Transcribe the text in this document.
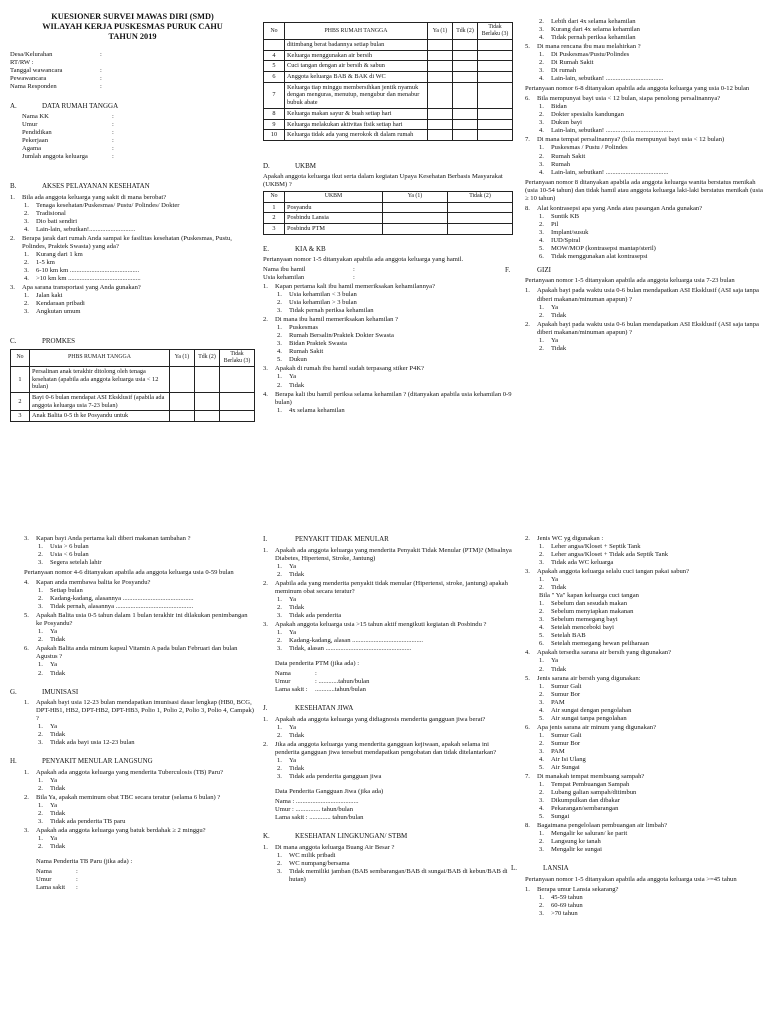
KUESIONER SURVEI MAWAS DIRI (SMD)
WILAYAH KERJA PUSKESMAS PURUK CAHU
TAHUN 2019
Desa/Kelurahan	:
RT/RW :
Tanggal wawancara	:
Pewawancara	:
Nama Responden	:
A.	DATA RUMAH TANGGA
Nama KK	:
Umur	:
Pendidikan	:
Pekerjaan	:
Agama	:
Jumlah anggota keluarga	:
B.	AKSES PELAYANAN KESEHATAN
1.	Bila ada anggota keluarga yang sakit di mana berobat?
1.	Tenaga kesehatan/Puskesmas/ Pustu/ Polindes/ Dokter
2.	Tradisional
3.	Dio bati sendiri
4.	Lain-lain, sebutkan!............................
2.	Berapa jarak dari rumah Anda sampai ke fasilitas kesehatan (Puskesmas, Pustu, Polindes, Praktek Swasta) yang ada?
1.	Kurang dari 1 km
2.	1-5 km
3.	6-10 km km ..........................................
4.	>10 km km ............................................
3.	Apa sarana transportasi yang Anda gunakan?
1.	Jalan kaki
2.	Kendaraan pribadi
3.	Angkutan umum
C.	PROMKES
No	PHBS RUMAH TANGGA	Ya (1)	Tdk (2)	Tidak Berlaku (3)
1	Persalinan anak terakhir ditolong oleh tenaga kesehatan (apabila ada anggota keluarga usia < 12 bulan)			
2	Bayi 0-6 bulan mendapat ASI Eksklusif (apabila ada anggota keluarga usia 7-23 bulan)			
3	Anak Balita 0-5 th ke Posyandu untuk			
No	PHBS RUMAH TANGGA	Ya (1)	Tdk (2)	Tidak Berlaku (3)
	ditimbang berat badannya setiap bulan			
4	Keluarga menggunakan air bersih			
5	Cuci tangan dengan air bersih & sabun			
6	Anggota keluarga BAB & BAK di WC			
7	Keluarga tiap minggu membersihkan jentik nyamuk dengan menguras, menutup, mengubur dan menabur bubuk abate			
8	Keluarga makan sayur & buah setiap hari			
9	Keluarga melakukan aktivitas fisik setiap hari			
10	Keluarga tidak ada yang merokok di dalam rumah			
D.	UKBM
Apakah anggota keluarga ikut serta dalam kegiatan Upaya Kesehatan Berbasis Masyarakat (UKBM) ?
No	UKBM	Ya (1)	Tidak (2)
1	Posyandu		
2	Posbindu Lansia		
3	Posbindu PTM		
E.	KIA & KB
Pertanyaan nomor 1-5 ditanyakan apabila ada anggota keluarga yang hamil.
Nama ibu hamil	:
Usia kehamilan	:
1.	Kapan pertama kali ibu hamil memeriksakan kehamilannya?
1.	Usia kehamilan < 3 bulan
2.	Usia kehamilan > 3 bulan
3.	Tidak pernah periksa kehamilan
2.	Di mana ibu hamil memeriksakan kehamilan ?
1.	Puskesmas
2.	Rumah Bersalin/Praktek Dokter Swasta
3.	Bidan Praktek Swasta
4.	Rumah Sakit
5.	Dukun
3.	Apakah di rumah ibu hamil sudah terpasang stiker P4K?
1.	Ya
2.	Tidak
4.	Berapa kali ibu hamil periksa selama kehamilan ? (ditanyakan apabila usia kehamilan 0-9 bulan)
1.	4x selama kehamilan
2.	Lebih dari 4x selama kehamilan
3.	Kurang dari 4x selama kehamilan
4.	Tidak pernah periksa kehamilan
5.	Di mana rencana ibu mau melahirkan ?
1.	Di Puskesmas/Pustu/Polindes
2.	Di Rumah Sakit
3.	Di rumah
4.	Lain-lain, sebutkan! ...................................
Pertanyaan nomor 6-8 ditanyakan apabila ada anggota keluarga yang usia 0-12 bulan
6.	Bila mempunyai bayi usia < 12 bulan, siapa penolong persalinannya?
1.	Bidan
2.	Dokter spesialis kandungan
3.	Dukun bayi
4.	Lain-lain, sebutkan! .........................................
7.	Di mana tempat persalinannya? (bila mempunyai bayi usia < 12 bulan)
1.	Puskesmas / Pustu / Polindes
2.	Rumah Sakit
3.	Rumah
4.	Lain-lain, sebutkan! ......................................
Pertanyaan nomor 8 ditanyakan apabila ada anggota keluarga wanita berstatus menikah (usia 10-54 tahun) dan tidak hamil atau anggota keluarga laki-laki berstatus menikah (usia ≥ 10 tahun)
8.	Alat kontrasepsi apa yang Anda atau pasangan Anda gunakan?
1.	Suntik KB
2.	Pil
3.	Implant/susuk
4.	IUD/Spiral
5.	MOW/MOP (kontrasepsi mantap/steril)
6.	Tidak menggunakan alat kontrasepsi
F.	GIZI
Pertanyaan nomor 1-5 ditanyakan apabila ada anggota keluarga usia 7-23 bulan
1.	Apakah bayi pada waktu usia 0-6 bulan mendapatkan ASI Eksklusif (ASI saja tanpa diberi makanan/minuman apapun) ?
1.	Ya
2.	Tidak
2.	Apakah bayi pada waktu usia 0-6 bulan mendapatkan ASI Eksklusif (ASI saja tanpa diberi makanan/minuman apapun) ?
1.	Ya
2.	Tidak
3.	Kapan bayi Anda pertama kali diberi makanan tambahan ?
1.	Usia > 6 bulan
2.	Usia < 6 bulan
3.	Segera setelah lahir
Pertanyaan nomor 4-6 ditanyakan apabila ada anggota keluarga usia 0-59 bulan
4.	Kapan anda membawa balita ke Posyandu?
1.	Setiap bulan
2.	Kadang-kadang, alasannya ...........................................
3.	Tidak pernah, alasannya ...............................................
5.	Apakah Balita usia 0-5 tahun dalam 1 bulan terakhir ini dilakukan penimbangan ke Posyandu?
1.	Ya
2.	Tidak
6.	Apakah Balita anda minum kapsul Vitamin A pada bulan Februari dan bulan Agustus ?
1.	Ya
2.	Tidak
G.	IMUNISASI
1.	Apakah bayi usia 12-23 bulan mendapatkan imunisasi dasar lengkap (HB0, BCG, DPT-HB1, HB2, DPT-HB2, DPT-HB3, Polio 1, Polio 2, Polio 3, Polio 4, Campak) ?
1.	Ya
2.	Tidak
3.	Tidak ada bayi usia 12-23 bulan
H.	PENYAKIT MENULAR LANGSUNG
1.	Apakah ada anggota keluarga yang menderita Tuberculosis (TB) Paru?
1.	Ya
2.	Tidak
2.	Bila Ya, apakah meminum obat TBC secara teratur (selama 6 bulan) ?
1.	Ya
2.	Tidak
3.	Tidak ada penderita TB paru
3.	Apakah ada anggota keluarga yang batuk berdahak ≥ 2 minggu?
1.	Ya
2.	Tidak
Nama Penderita TB Paru (jika ada) :
Nama	:
Umur	:
Lama sakit	:
I.	PENYAKIT TIDAK MENULAR
1.	Apakah ada anggota keluarga yang menderita Penyakit Tidak Menular (PTM)? (Misalnya Diabetes, Hipertensi, Stroke, Jantung)
1.	Ya
2.	Tidak
2.	Apabila ada yang menderita penyakit tidak menular (Hipertensi, stroke, jantung) apakah meminum obat secara teratur?
1.	Ya
2.	Tidak
3.	Tidak ada penderita
3.	Apakah anggota keluarga usia >15 tahun aktif mengikuti kegiatan di Posbindu ?
1.	Ya
2.	Kadang-kadang, alasan ...........................................
3.	Tidak, alasan ....................................................
Data penderita PTM (jika ada) :
Nama	:
Umur	: ............tahun/bulan
Lama sakit :	............tahun/bulan
J.	KESEHATAN JIWA
1.	Apakah ada anggota keluarga yang didiagnosis menderita gangguan jiwa berat?
1.	Ya
2.	Tidak
2.	Jika ada anggota keluarga yang menderita gangguan kejiwaan, apakah selama ini penderita gangguan jiwa tersebut mendapatkan pengobatan dan tidak ditelantarkan?
1.	Ya
2.	Tidak
3.	Tidak ada penderita gangguan jiwa
Data Penderita Gangguan Jiwa (jika ada)
Nama : ......................................
Umur : ............... tahun/bulan
Lama sakit : ............. tahun/bulan
K.	KESEHATAN LINGKUNGAN/ STBM
1.	Di mana anggota keluarga Buang Air Besar ?
1.	WC milik pribadi
2.	WC numpang/bersama
3.	Tidak memiliki jamban (BAB sembarangan/BAB di sungai/BAB di kebun/BAB di hutan)
2.	Jenis WC yg digunakan :
1.	Leher angsa/Kloset + Septik Tank
2.	Leher angsa/Kloset + Tidak ada Septik Tank
3.	Tidak ada WC keluarga
3.	Apakah anggota keluarga selalu cuci tangan pakai sabun?
1.	Ya
2.	Tidak
Bila " Ya" kapan keluarga cuci tangan
1.	Sebelum dan sesudah makan
2.	Sebelum menyiapkan makanan
3.	Sebelum memegang bayi
4.	Setelah menceboki bayi
5.	Setelah BAB
6.	Setelah memegang hewan peliharaan
4.	Apakah tersedia sarana air bersih yang digunakan?
1.	Ya
2.	Tidak
5.	Jenis sarana air bersih yang digunakan:
1.	Sumur Gali
2.	Sumur Bor
3.	PAM
4.	Air sungai dengan pengolahan
5.	Air sungai tanpa pengolahan
6.	Apa jenis sarana air minum yang digunakan?
1.	Sumur Gali
2.	Sumur Bor
3.	PAM
4.	Air Isi Ulang
5.	Air Sungai
7.	Di manakah tempat membuang sampah?
1.	Tempat Pembuangan Sampah
2.	Lubang galian sampah/ditimbun
3.	Dikumpulkan dan dibakar
4.	Pekarangan/sembarangan
5.	Sungai
8.	Bagaimana pengelolaan pembuangan air limbah?
1.	Mengalir ke saluran/ ke parit
2.	Langsung ke tanah
3.	Mengalir ke sungai
L.	LANSIA
Pertanyaan nomor 1-5 ditanyakan apabila ada anggota keluarga usia >=45 tahun
1.	Berapa umur Lansia sekarang?
1.	45-59 tahun
2.	60-69 tahun
3.	>70 tahun
